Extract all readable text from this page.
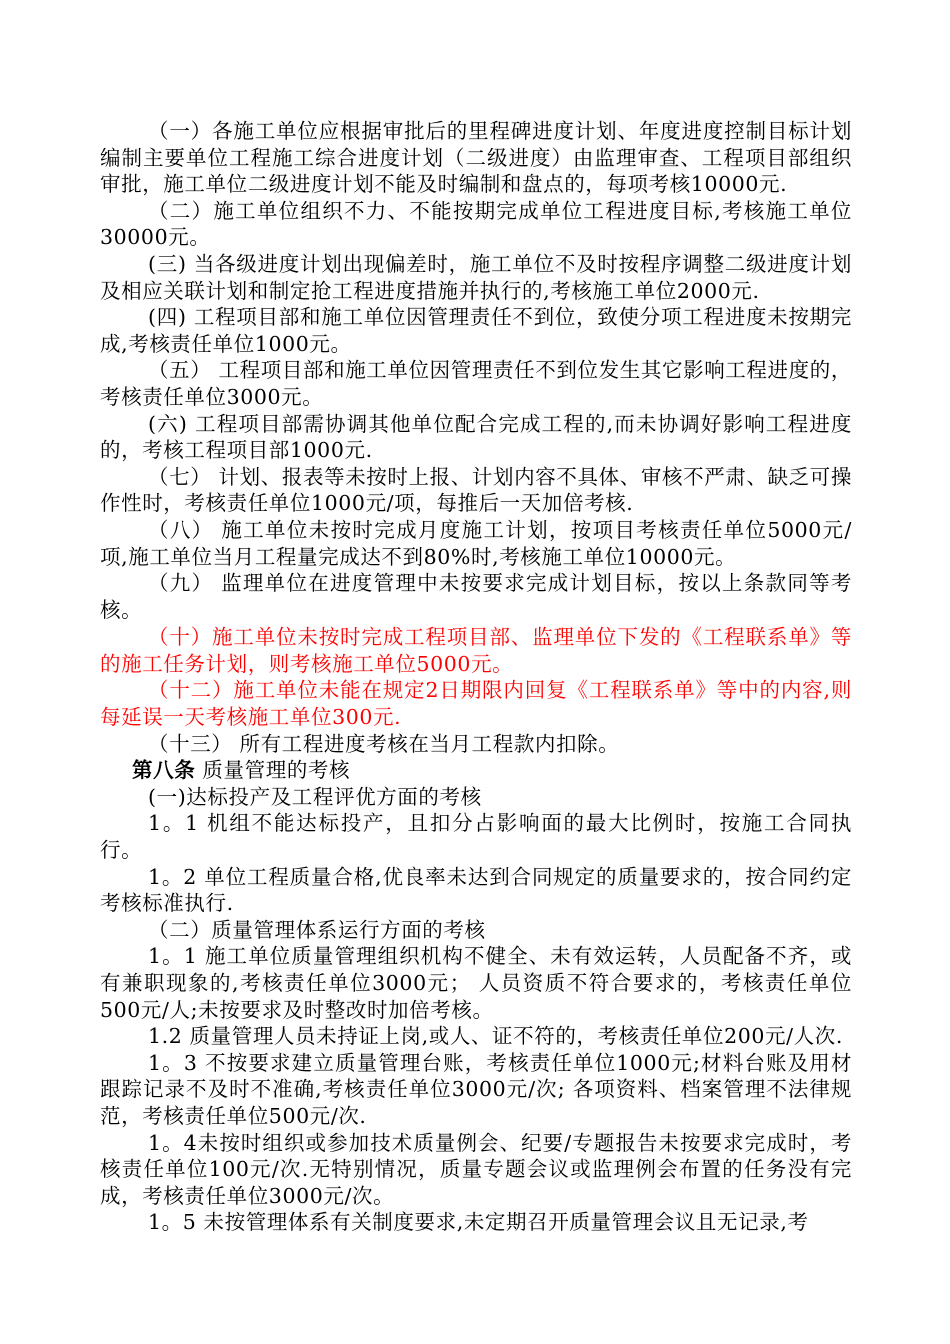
（一）各施工单位应根据审批后的里程碑进度计划、年度进度控制目标计划编制主要单位工程施工综合进度计划（二级进度）由监理审查、工程项目部组织审批，施工单位二级进度计划不能及时编制和盘点的，每项考核10000元.

（二）施工单位组织不力、不能按期完成单位工程进度目标,考核施工单位30000元。

(三) 当各级进度计划出现偏差时，施工单位不及时按程序调整二级进度计划及相应关联计划和制定抢工程进度措施并执行的,考核施工单位2000元.

(四) 工程项目部和施工单位因管理责任不到位，致使分项工程进度未按期完成,考核责任单位1000元。

（五） 工程项目部和施工单位因管理责任不到位发生其它影响工程进度的，考核责任单位3000元。

(六) 工程项目部需协调其他单位配合完成工程的,而未协调好影响工程进度的，考核工程项目部1000元.

（七） 计划、报表等未按时上报、计划内容不具体、审核不严肃、缺乏可操作性时，考核责任单位1000元/项，每推后一天加倍考核.

（八） 施工单位未按时完成月度施工计划，按项目考核责任单位5000元/项,施工单位当月工程量完成达不到80%时,考核施工单位10000元。

（九） 监理单位在进度管理中未按要求完成计划目标，按以上条款同等考核。

（十）施工单位未按时完成工程项目部、监理单位下发的《工程联系单》等的施工任务计划，则考核施工单位5000元。

（十二）施工单位未能在规定2日期限内回复《工程联系单》等中的内容,则每延误一天考核施工单位300元.

（十三） 所有工程进度考核在当月工程款内扣除。

第八条 质量管理的考核

(一)达标投产及工程评优方面的考核

1。1 机组不能达标投产，且扣分占影响面的最大比例时，按施工合同执行。

1。2 单位工程质量合格,优良率未达到合同规定的质量要求的，按合同约定考核标准执行.

（二）质量管理体系运行方面的考核

1。1 施工单位质量管理组织机构不健全、未有效运转，人员配备不齐，或有兼职现象的,考核责任单位3000元； 人员资质不符合要求的，考核责任单位500元/人;未按要求及时整改时加倍考核。

1.2 质量管理人员未持证上岗,或人、证不符的，考核责任单位200元/人次.

1。3 不按要求建立质量管理台账，考核责任单位1000元;材料台账及用材跟踪记录不及时不准确,考核责任单位3000元/次; 各项资料、档案管理不法律规范，考核责任单位500元/次.

1。4未按时组织或参加技术质量例会、纪要/专题报告未按要求完成时，考核责任单位100元/次.无特别情况，质量专题会议或监理例会布置的任务没有完成，考核责任单位3000元/次。

1。5 未按管理体系有关制度要求,未定期召开质量管理会议且无记录,考
